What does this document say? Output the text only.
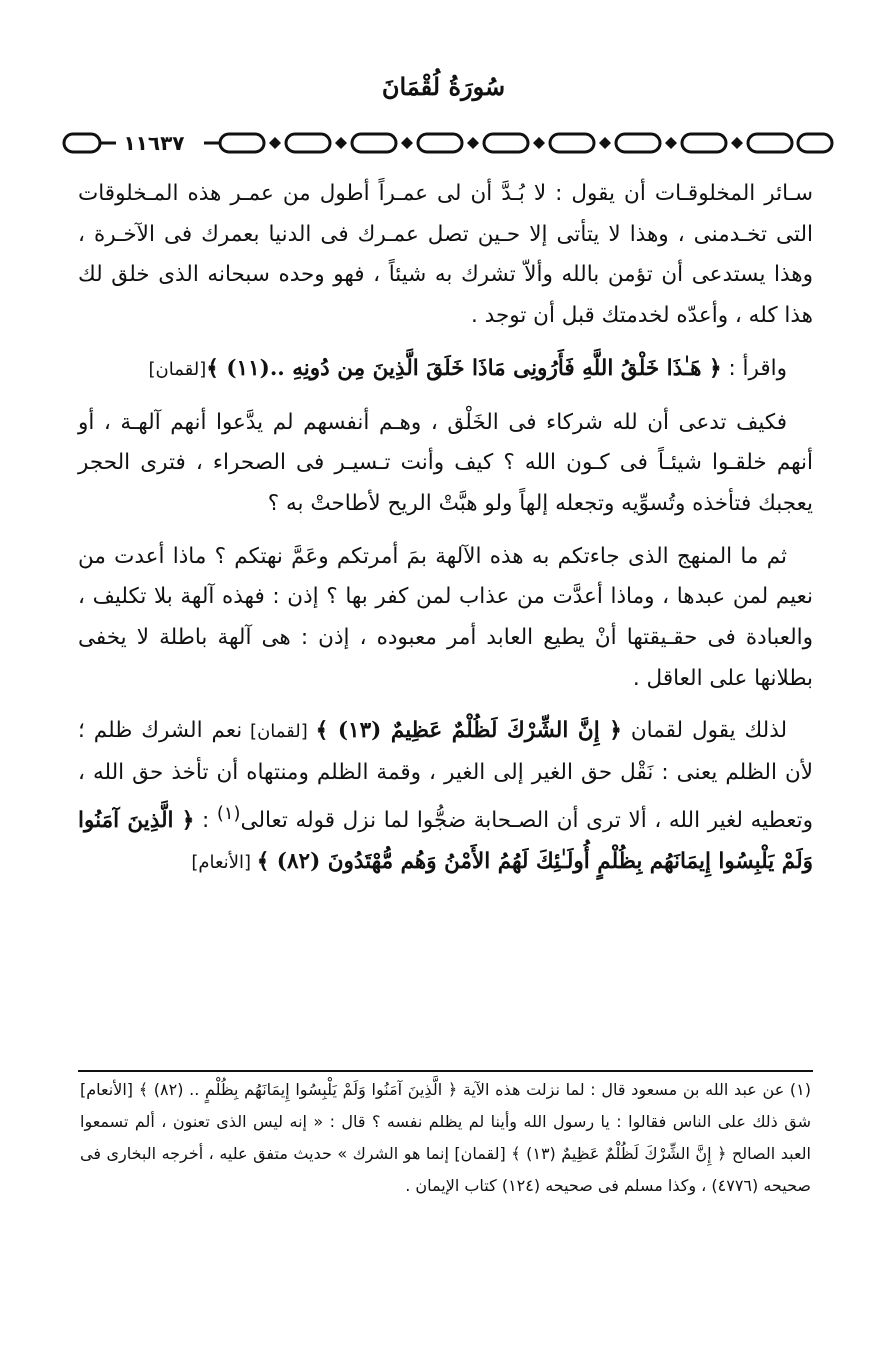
سُورَةُ لُقْمَانَ
١١٦٣٧

سـائر المخلوقـات أن يقول : لا بُـدَّ أن لى عمـراً أطول من عمـر هذه المـخلوقات التى تخـدمنى ، وهذا لا يتأتى إلا حـين تصل عمـرك فى الدنيا بعمرك فى الآخـرة ، وهذا يستدعى أن تؤمن بالله وألاّ تشرك به شيئاً ، فهو وحده سبحانه الذى خلق لك هذا كله ، وأعدّه لخدمتك قبل أن توجد .

واقرأ : ﴿ هَـٰذَا خَلْقُ اللَّهِ فَأَرُونِى مَاذَا خَلَقَ الَّذِينَ مِن دُونِهِ ..(١١) ﴾[لقمان]

فكيف تدعى أن لله شركاء فى الخَلْق ، وهـم أنفسهم لم يدَّعوا أنهم آلهـة ، أو أنهم خلقـوا شيئـاً فى كـون الله ؟ كيف وأنت تـسيـر فى الصحراء ، فترى الحجر يعجبك فتأخذه وتُسوِّيه وتجعله إلهاً ولو هبَّتْ الريح لأطاحتْ به ؟

ثم ما المنهج الذى جاءتكم به هذه الآلهة بمَ أمرتكم وعَمَّ نهتكم ؟ ماذا أعدت من نعيم لمن عبدها ، وماذا أعدَّت من عذاب لمن كفر بها ؟ إذن : فهذه آلهة بلا تكليف ، والعبادة فى حقـيقتها أنْ يطيع العابد أمر معبوده ، إذن : هى آلهة باطلة لا يخفى بطلانها على العاقل .

لذلك يقول لقمان ﴿ إِنَّ الشِّرْكَ لَظُلْمٌ عَظِيمٌ (١٣) ﴾ [لقمان] نعم الشرك ظلم ؛ لأن الظلم يعنى : نَقْل حق الغير إلى الغير ، وقمة الظلم ومنتهاه أن تأخذ حق الله ، وتعطيه لغير الله ، ألا ترى أن الصـحابة ضجُّوا لما نزل قوله تعالى$^{(١)}$ : ﴿ الَّذِينَ آمَنُوا وَلَمْ يَلْبِسُوا إِيمَانَهُم بِظُلْمٍ أُولَـٰئِكَ لَهُمُ الأَمْنُ وَهُم مُّهْتَدُونَ (٨٢) ﴾ [الأنعام]

(١) عن عبد الله بن مسعود قال : لما نزلت هذه الآية ﴿ الَّذِينَ آمَنُوا وَلَمْ يَلْبِسُوا إِيمَانَهُم بِظُلْمٍ .. (٨٢) ﴾ [الأنعام] شق ذلك على الناس فقالوا : يا رسول الله وأينا لم يظلم نفسه ؟ قال : « إنه ليس الذى تعنون ، ألم تسمعوا العبد الصالح ﴿ إِنَّ الشِّرْكَ لَظُلْمٌ عَظِيمٌ (١٣) ﴾ [لقمان] إنما هو الشرك » حديث متفق عليه ، أخرجه البخارى فى صحيحه (٤٧٧٦) ، وكذا مسلم فى صحيحه (١٢٤) كتاب الإيمان .
